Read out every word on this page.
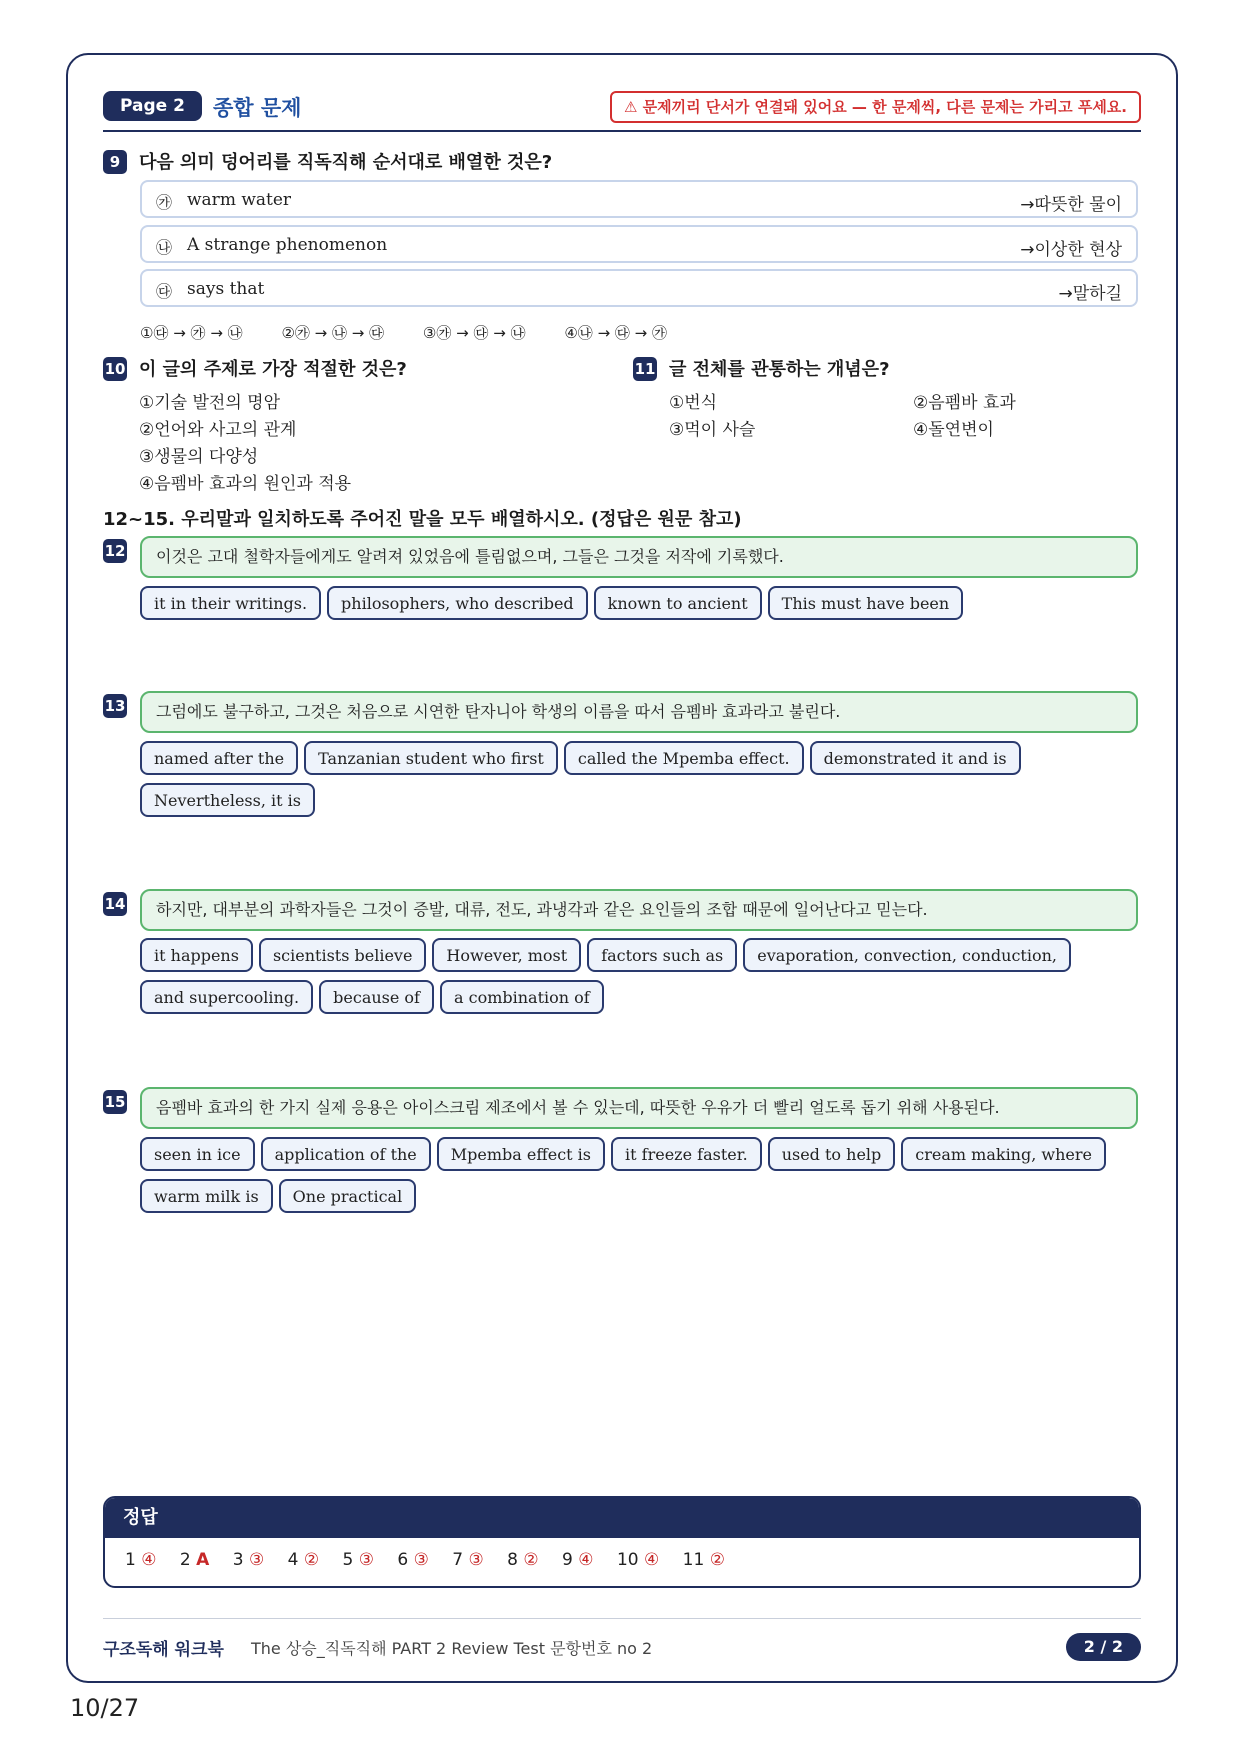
Page 2	종합 문제	⚠ 문제끼리 단서가 연결돼 있어요 — 한 문제씩, 다른 문제는 가리고 푸세요.
9	다음 의미 덩어리를 직독직해 순서대로 배열한 것은?
㉮ warm water	→따뜻한 물이
㉯ A strange phenomenon	→이상한 현상
㉰ says that	→말하길
①㉰ → ㉮ → ㉯	②㉮ → ㉯ → ㉰	③㉮ → ㉰ → ㉯	④㉯ → ㉰ → ㉮
10 이 글의 주제로 가장 적절한 것은?
①기술 발전의 명암
②언어와 사고의 관계
③생물의 다양성
④음펨바 효과의 원인과 적용
11 글 전체를 관통하는 개념은?
①번식	②음펨바 효과
③먹이 사슬	④돌연변이
12~15. 우리말과 일치하도록 주어진 말을 모두 배열하시오. (정답은 원문 참고)
12	이것은 고대 철학자들에게도 알려져 있었음에 틀림없으며, 그들은 그것을 저작에 기록했다.
it in their writings. philosophers, who described known to ancient This must have been
13	그럼에도 불구하고, 그것은 처음으로 시연한 탄자니아 학생의 이름을 따서 음펨바 효과라고 불린다.
named after the Tanzanian student who first called the Mpemba effect. demonstrated it and isNevertheless, it is
14	하지만, 대부분의 과학자들은 그것이 증발, 대류, 전도, 과냉각과 같은 요인들의 조합 때문에 일어난다고 믿는다.
it happens scientists believe However, most factors such as evaporation, convection, conduction,and supercooling. because of a combination of
15	음펨바 효과의 한 가지 실제 응용은 아이스크림 제조에서 볼 수 있는데, 따뜻한 우유가 더 빨리 얼도록 돕기 위해 사용된다.
seen in ice application of the Mpemba effect is it freeze faster. used to help cream making, wherewarm milk is One practical
정답
1 ④ 2 A 3 ③ 4 ② 5 ③ 6 ③ 7 ③ 8 ② 9 ④ 10 ④ 11 ②
구조독해 워크북 The 상승_직독직해 PART 2 Review Test 문항번호 no 2	2 / 2
10/27
